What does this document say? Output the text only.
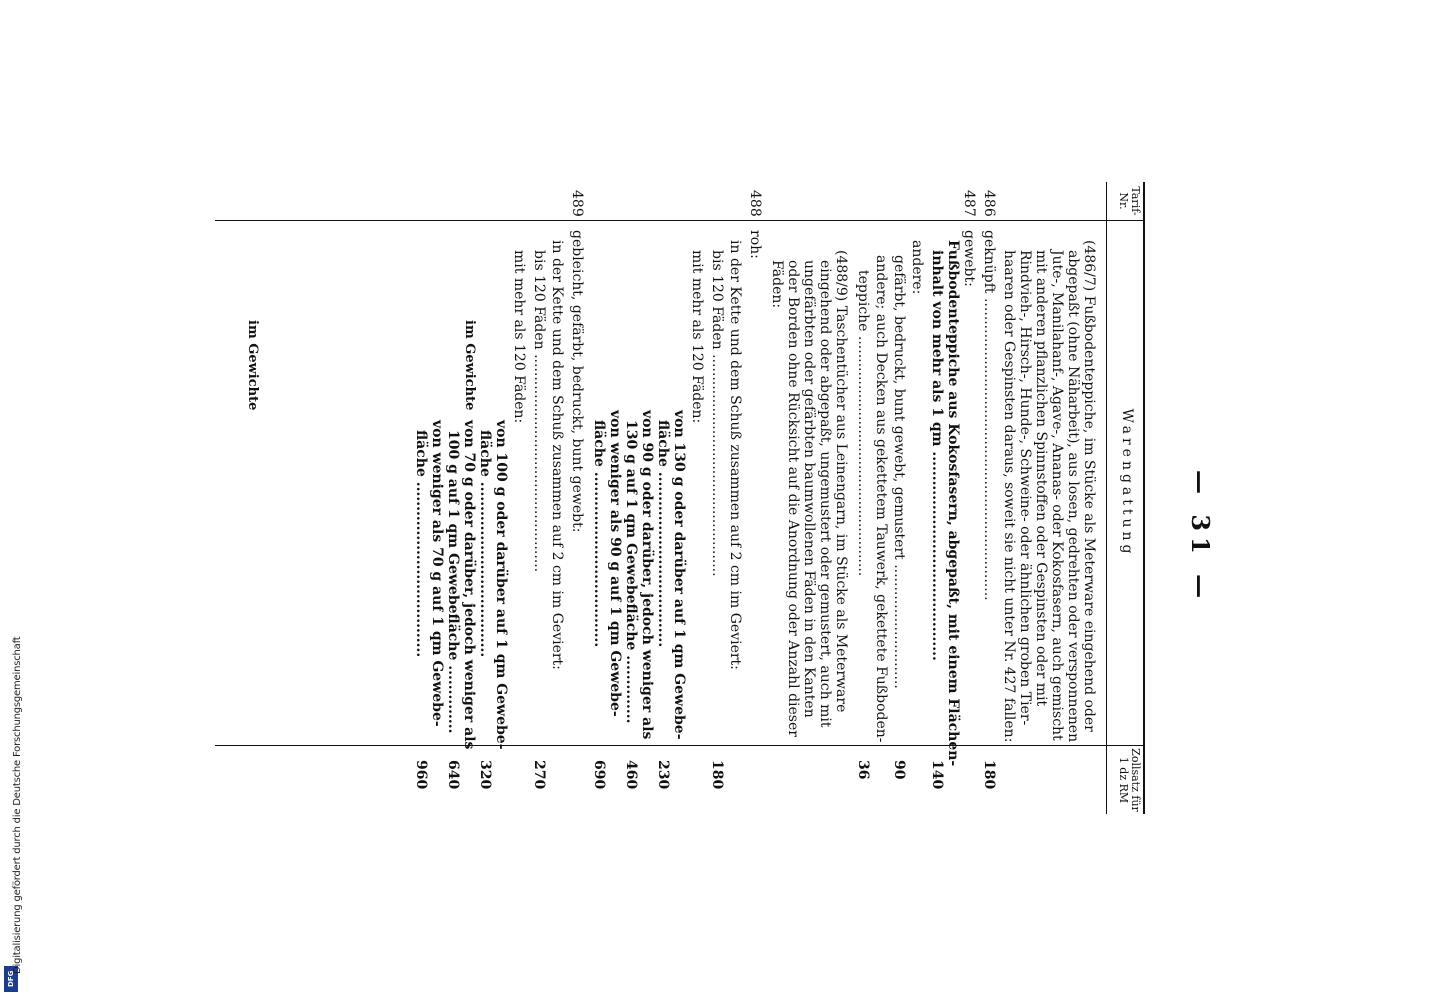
DFG
Digitalisierung gefördert durch die Deutsche Forschungsgemeinschaft
— 31 —
Tarif- Nr.
Warengattung
Zollsatz für 1 dz RM
(486/7) Fußbodenteppiche, im Stücke als Meterware eingehend oder
abgepaßt (ohne Näharbeit), aus losen, gedrehten oder versponnenen
Jute-, Manilahanf-, Agave-, Ananas- oder Kokosfasern, auch gemischt
mit anderen pflanzlichen Spinnstoffen oder Gespinsten oder mit
Rindvieh-, Hirsch-, Hunde-, Schweine- oder ähnlichen groben Tier-
haaren oder Gespinsten daraus, soweit sie nicht unter Nr. 427 fallen:
geknüpft ....................................................................
486
180
gewebt:
487
Fußbodenteppiche aus Kokosfasern, abgepaßt, mit einem Flächen-
inhalt von mehr als 1 qm ...........................................
140
andere:
gefärbt, bedruckt, bunt gewebt, gemustert ............................
90
andere; auch Decken aus gekettetem Tauwerk, gekettete Fußboden-
teppiche ......................................................
36
(488/9) Taschentücher aus Leinengarn, im Stücke als Meterware
eingehend oder abgepaßt, ungemustert oder gemustert, auch mit
ungefärbten oder gefärbten baumwollenen Fäden in den Kanten
oder Borden ohne Rücksicht auf die Anordnung oder Anzahl dieser
Fäden:
roh:
488
in der Kette und dem Schuß zusammen auf 2 cm im Geviert:
bis 120 Fäden ..................................................
180
mit mehr als 120 Fäden:
von 130 g oder darüber auf 1 qm Gewebe-
fläche ....................................
230
von 90 g oder darüber, jedoch weniger als
130 g auf 1 qm Gewebefläche ..............
460
von weniger als 90 g auf 1 qm Gewebe-
fläche ....................................
690
gebleicht, gefärbt, bedruckt, bunt gewebt:
489
in der Kette und dem Schuß zusammen auf 2 cm im Geviert:
bis 120 Fäden .................................................
270
mit mehr als 120 Fäden:
von 100 g oder darüber auf 1 qm Gewebe-
fläche ....................................
320
von 70 g oder darüber, jedoch weniger als
100 g auf 1 qm Gewebefläche ..............
640
von weniger als 70 g auf 1 qm Gewebe-
fläche ....................................
960
im Gewichte
im Gewichte
